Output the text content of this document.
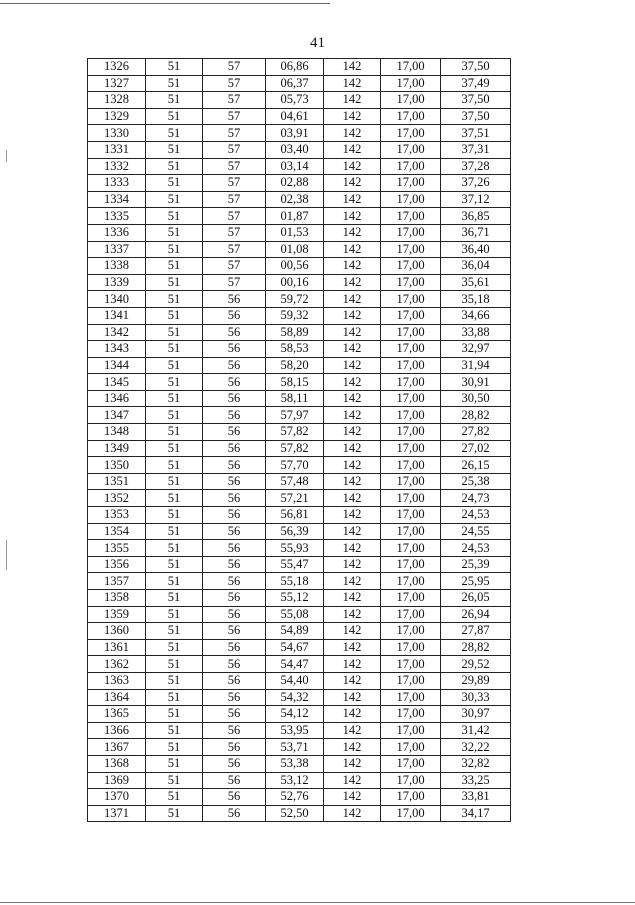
41
1326	51	57	06,86	142	17,00	37,50
1327	51	57	06,37	142	17,00	37,49
1328	51	57	05,73	142	17,00	37,50
1329	51	57	04,61	142	17,00	37,50
1330	51	57	03,91	142	17,00	37,51
1331	51	57	03,40	142	17,00	37,31
1332	51	57	03,14	142	17,00	37,28
1333	51	57	02,88	142	17,00	37,26
1334	51	57	02,38	142	17,00	37,12
1335	51	57	01,87	142	17,00	36,85
1336	51	57	01,53	142	17,00	36,71
1337	51	57	01,08	142	17,00	36,40
1338	51	57	00,56	142	17,00	36,04
1339	51	57	00,16	142	17,00	35,61
1340	51	56	59,72	142	17,00	35,18
1341	51	56	59,32	142	17,00	34,66
1342	51	56	58,89	142	17,00	33,88
1343	51	56	58,53	142	17,00	32,97
1344	51	56	58,20	142	17,00	31,94
1345	51	56	58,15	142	17,00	30,91
1346	51	56	58,11	142	17,00	30,50
1347	51	56	57,97	142	17,00	28,82
1348	51	56	57,82	142	17,00	27,82
1349	51	56	57,82	142	17,00	27,02
1350	51	56	57,70	142	17,00	26,15
1351	51	56	57,48	142	17,00	25,38
1352	51	56	57,21	142	17,00	24,73
1353	51	56	56,81	142	17,00	24,53
1354	51	56	56,39	142	17,00	24,55
1355	51	56	55,93	142	17,00	24,53
1356	51	56	55,47	142	17,00	25,39
1357	51	56	55,18	142	17,00	25,95
1358	51	56	55,12	142	17,00	26,05
1359	51	56	55,08	142	17,00	26,94
1360	51	56	54,89	142	17,00	27,87
1361	51	56	54,67	142	17,00	28,82
1362	51	56	54,47	142	17,00	29,52
1363	51	56	54,40	142	17,00	29,89
1364	51	56	54,32	142	17,00	30,33
1365	51	56	54,12	142	17,00	30,97
1366	51	56	53,95	142	17,00	31,42
1367	51	56	53,71	142	17,00	32,22
1368	51	56	53,38	142	17,00	32,82
1369	51	56	53,12	142	17,00	33,25
1370	51	56	52,76	142	17,00	33,81
1371	51	56	52,50	142	17,00	34,17
